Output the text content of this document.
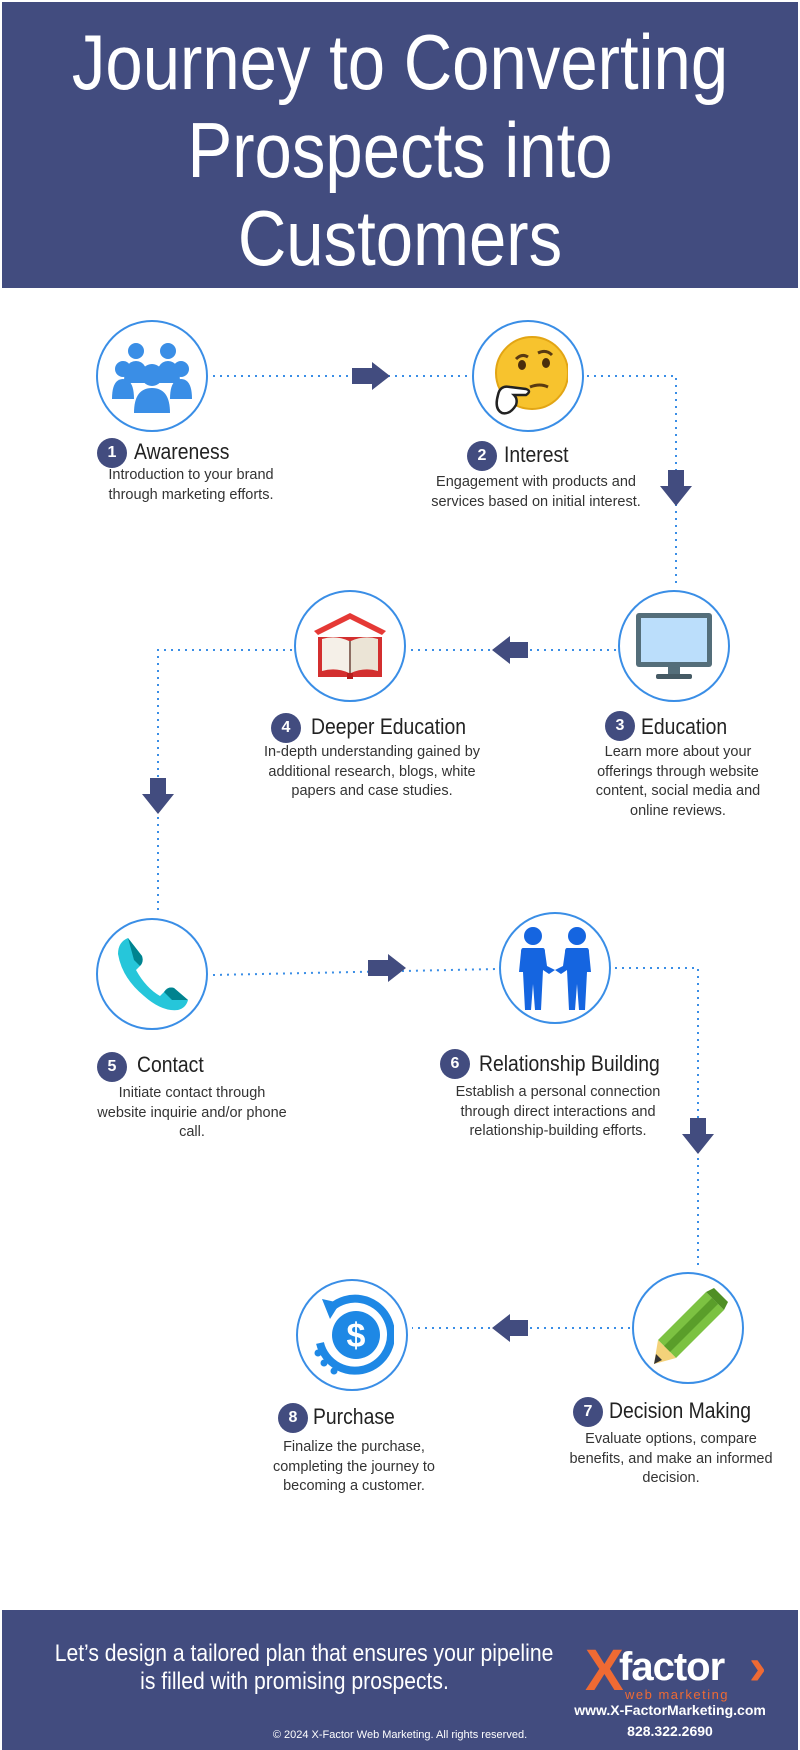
Journey to Converting
Prospects into
Customers
1 Awareness
Introduction to your brand through marketing efforts.
2 Interest
Engagement with products and services based on initial interest.
3 Education
Learn more about your offerings through website content, social media and online reviews.
4 Deeper Education
In-depth understanding gained by additional research, blogs, white papers and case studies.
5 Contact
Initiate contact through website inquirie and/or phone call.
6 Relationship Building
Establish a personal connection through direct interactions and relationship-building efforts.
7 Decision Making
Evaluate options, compare benefits, and make an informed decision.
$
8 Purchase
Finalize the purchase, completing the journey to becoming a customer.
Let’s design a tailored plan that ensures your pipeline
is filled with promising prospects.	X
factor ›
web marketing
www.X-FactorMarketing.com
828.322.2690
© 2024 X-Factor Web Marketing. All rights reserved.
